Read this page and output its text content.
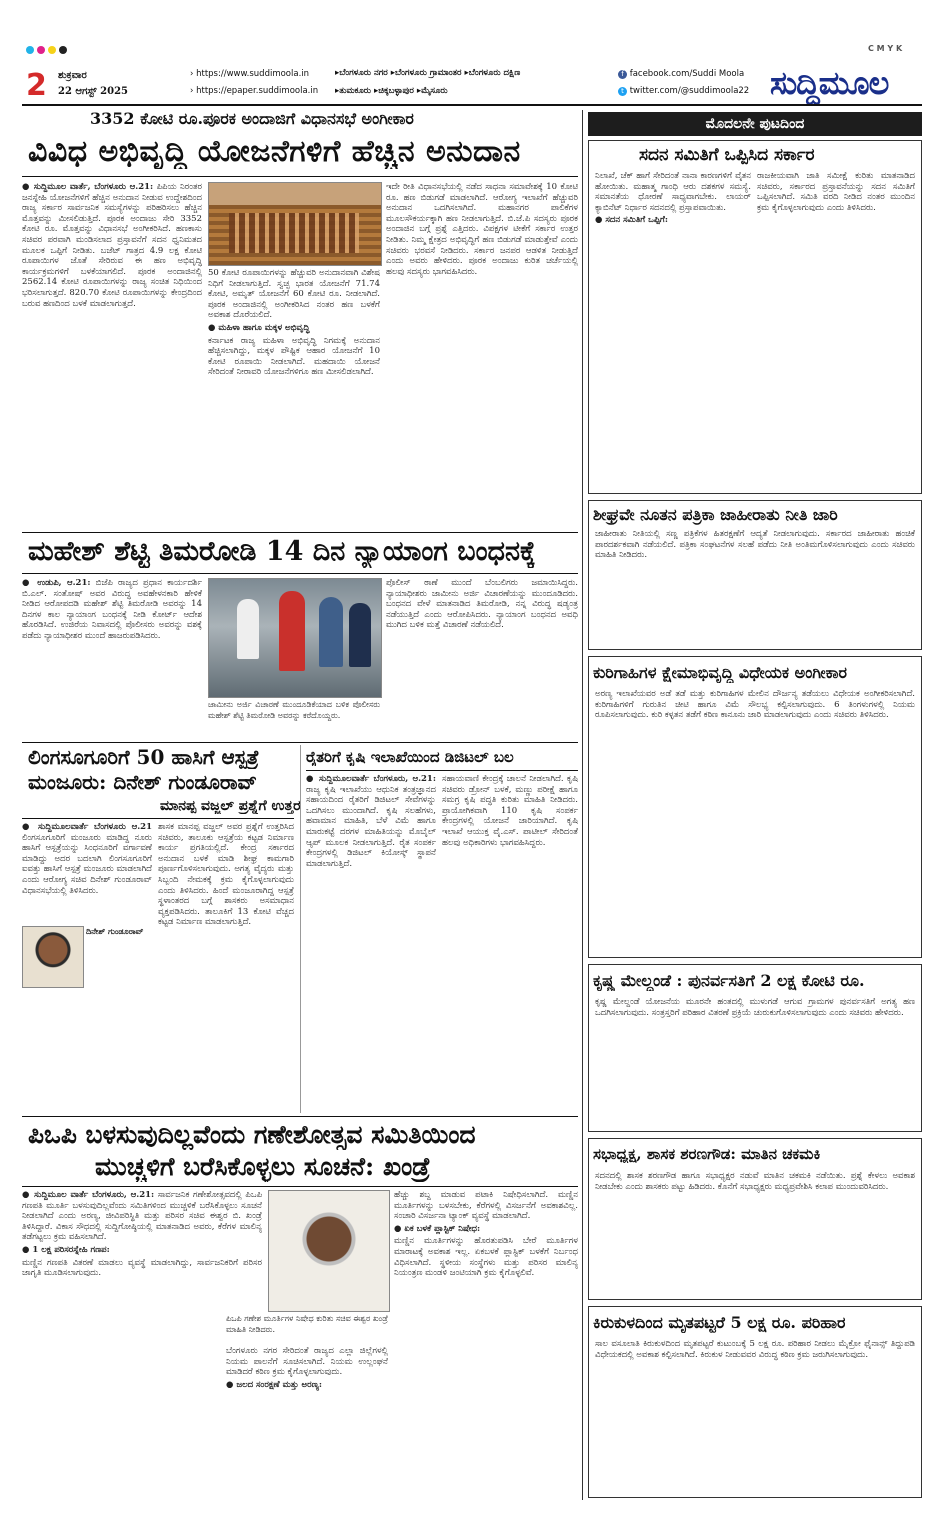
C M Y K
2 ಶುಕ್ರವಾರ
22 ಆಗಸ್ಟ್ 2025
› https://www.suddimoola.in
› https://epaper.suddimoola.in
▸ಬೆಂಗಳೂರು ನಗರ ▸ಬೆಂಗಳೂರು ಗ್ರಾಮಾಂತರ ▸ಬೆಂಗಳೂರು ದಕ್ಷಿಣ
▸ತುಮಕೂರು ▸ಚಿಕ್ಕಬಳ್ಳಾಪುರ ▸ಮೈಸೂರು
f facebook.com/Suddi Moola
t twitter.com/@suddimoola22 ಸುದ್ದಿಮೂಲ
3352 ಕೋಟಿ ರೂ.ಪೂರಕ ಅಂದಾಜಿಗೆ ವಿಧಾನಸಭೆ ಅಂಗೀಕಾರ
ವಿವಿಧ ಅಭಿವೃದ್ಧಿ ಯೋಜನೆಗಳಿಗೆ ಹೆಚ್ಚಿನ ಅನುದಾನ

● ಸುದ್ದಿಮೂಲ ವಾರ್ತೆ, ಬೆಂಗಳೂರು ಆ.21: ಪಿಪಿಯ ನಿರಂತರ ಜನಸ್ನೇಹಿ ಯೋಜನೆಗಳಿಗೆ ಹೆಚ್ಚಿನ ಅನುದಾನ ನೀಡುವ ಉದ್ದೇಶದಿಂದ ರಾಜ್ಯ ಸರ್ಕಾರ ಸಾರ್ವಜನಿಕ ಸಮಸ್ಯೆಗಳನ್ನು ಪರಿಹರಿಸಲು ಹೆಚ್ಚಿನ ಮೊತ್ತವನ್ನು ಮೀಸಲಿಡುತ್ತಿದೆ. ಪೂರಕ ಅಂದಾಜು ಸೇರಿ 3352 ಕೋಟಿ ರೂ. ಮೊತ್ತವನ್ನು ವಿಧಾನಸಭೆ ಅಂಗೀಕರಿಸಿದೆ. ಹಣಕಾಸು ಸಚಿವರ ಪರವಾಗಿ ಮಂಡಿಸಲಾದ ಪ್ರಸ್ತಾವನೆಗೆ ಸದನ ಧ್ವನಿಮತದ ಮೂಲಕ ಒಪ್ಪಿಗೆ ನೀಡಿತು. ಬಜೆಟ್ ಗಾತ್ರದ 4.9 ಲಕ್ಷ ಕೋಟಿ ರೂಪಾಯಿಗಳ ಜೊತೆ ಸೇರಿರುವ ಈ ಹಣ ಅಭಿವೃದ್ಧಿ ಕಾರ್ಯಕ್ರಮಗಳಿಗೆ ಬಳಕೆಯಾಗಲಿದೆ. ಪೂರಕ ಅಂದಾಜಿನಲ್ಲಿ 2562.14 ಕೋಟಿ ರೂಪಾಯಿಗಳನ್ನು ರಾಜ್ಯ ಸಂಚಿತ ನಿಧಿಯಿಂದ ಭರಿಸಲಾಗುತ್ತದೆ. 820.70 ಕೋಟಿ ರೂಪಾಯಿಗಳನ್ನು ಕೇಂದ್ರದಿಂದ ಬರುವ ಹಣದಿಂದ ಬಳಕೆ ಮಾಡಲಾಗುತ್ತದೆ.

50 ಕೋಟಿ ರೂಪಾಯಿಗಳನ್ನು ಹೆಚ್ಚುವರಿ ಅನುದಾನವಾಗಿ ವಿಶೇಷ ನಿಧಿಗೆ ನೀಡಲಾಗುತ್ತಿದೆ. ಸ್ವಚ್ಛ ಭಾರತ ಯೋಜನೆಗೆ 71.74 ಕೋಟಿ, ಅಮೃತ್ ಯೋಜನೆಗೆ 60 ಕೋಟಿ ರೂ. ನೀಡಲಾಗಿದೆ. ಪೂರಕ ಅಂದಾಜಿನಲ್ಲಿ ಅಂಗೀಕರಿಸಿದ ನಂತರ ಹಣ ಬಳಕೆಗೆ ಅವಕಾಶ ದೊರೆಯಲಿದೆ.

● ಮಹಿಳಾ ಹಾಗೂ ಮಕ್ಕಳ ಅಭಿವೃದ್ಧಿ

ಕರ್ನಾಟಕ ರಾಜ್ಯ ಮಹಿಳಾ ಅಭಿವೃದ್ಧಿ ನಿಗಮಕ್ಕೆ ಅನುದಾನ ಹೆಚ್ಚಿಸಲಾಗಿದ್ದು, ಮಕ್ಕಳ ಪೌಷ್ಟಿಕ ಆಹಾರ ಯೋಜನೆಗೆ 10 ಕೋಟಿ ರೂಪಾಯಿ ನೀಡಲಾಗಿದೆ. ಮಹದಾಯಿ ಯೋಜನೆ ಸೇರಿದಂತೆ ನೀರಾವರಿ ಯೋಜನೆಗಳಿಗೂ ಹಣ ಮೀಸಲಿಡಲಾಗಿದೆ.

ಇದೇ ರೀತಿ ವಿಧಾನಸಭೆಯಲ್ಲಿ ನಡೆದ ಸಾಧನಾ ಸಮಾವೇಶಕ್ಕೆ 10 ಕೋಟಿ ರೂ. ಹಣ ಬಿಡುಗಡೆ ಮಾಡಲಾಗಿದೆ. ಆರೋಗ್ಯ ಇಲಾಖೆಗೆ ಹೆಚ್ಚುವರಿ ಅನುದಾನ ಒದಗಿಸಲಾಗಿದೆ. ಮಹಾನಗರ ಪಾಲಿಕೆಗಳ ಮೂಲಸೌಕರ್ಯಕ್ಕಾಗಿ ಹಣ ನೀಡಲಾಗುತ್ತಿದೆ. ಬಿ.ಜೆ.ಪಿ ಸದಸ್ಯರು ಪೂರಕ ಅಂದಾಜಿನ ಬಗ್ಗೆ ಪ್ರಶ್ನೆ ಎತ್ತಿದರು. ವಿಪಕ್ಷಗಳ ಟೀಕೆಗೆ ಸರ್ಕಾರ ಉತ್ತರ ನೀಡಿತು. ನಿಮ್ಮ ಕ್ಷೇತ್ರದ ಅಭಿವೃದ್ಧಿಗೆ ಹಣ ಬಿಡುಗಡೆ ಮಾಡುತ್ತೇವೆ ಎಂದು ಸಚಿವರು ಭರವಸೆ ನೀಡಿದರು. ಸರ್ಕಾರ ಜನಪರ ಆಡಳಿತ ನೀಡುತ್ತಿದೆ ಎಂದು ಅವರು ಹೇಳಿದರು. ಪೂರಕ ಅಂದಾಜು ಕುರಿತ ಚರ್ಚೆಯಲ್ಲಿ ಹಲವು ಸದಸ್ಯರು ಭಾಗವಹಿಸಿದರು.

ಮಹೇಶ್ ಶೆಟ್ಟಿ ತಿಮರೋಡಿ 14 ದಿನ ನ್ಯಾಯಾಂಗ ಬಂಧನಕ್ಕೆ

● ಉಡುಪಿ, ಆ.21: ಬಿಜೆಪಿ ರಾಜ್ಯದ ಪ್ರಧಾನ ಕಾರ್ಯದರ್ಶಿ ಬಿ.ಎಲ್. ಸಂತೋಷ್ ಅವರ ವಿರುದ್ಧ ಅವಹೇಳನಕಾರಿ ಹೇಳಿಕೆ ನೀಡಿದ ಆರೋಪದಡಿ ಮಹೇಶ್ ಶೆಟ್ಟಿ ತಿಮರೋಡಿ ಅವರನ್ನು 14 ದಿನಗಳ ಕಾಲ ನ್ಯಾಯಾಂಗ ಬಂಧನಕ್ಕೆ ನೀಡಿ ಕೋರ್ಟ್ ಆದೇಶ ಹೊರಡಿಸಿದೆ. ಉಜಿರೆಯ ನಿವಾಸದಲ್ಲಿ ಪೊಲೀಸರು ಅವರನ್ನು ವಶಕ್ಕೆ ಪಡೆದು ನ್ಯಾಯಾಧೀಶರ ಮುಂದೆ ಹಾಜರುಪಡಿಸಿದರು.

ಜಾಮೀನು ಅರ್ಜಿ ವಿಚಾರಣೆ ಮುಂದೂಡಿಕೆಯಾದ ಬಳಿಕ ಪೊಲೀಸರು ಮಹೇಶ್ ಶೆಟ್ಟಿ ತಿಮರೋಡಿ ಅವರನ್ನು ಕರೆದೊಯ್ದರು.

ಪೊಲೀಸ್ ಠಾಣೆ ಮುಂದೆ ಬೆಂಬಲಿಗರು ಜಮಾಯಿಸಿದ್ದರು. ನ್ಯಾಯಾಧೀಶರು ಜಾಮೀನು ಅರ್ಜಿ ವಿಚಾರಣೆಯನ್ನು ಮುಂದೂಡಿದರು. ಬಂಧನದ ವೇಳೆ ಮಾತನಾಡಿದ ತಿಮರೋಡಿ, ನನ್ನ ವಿರುದ್ಧ ಷಡ್ಯಂತ್ರ ನಡೆಯುತ್ತಿದೆ ಎಂದು ಆರೋಪಿಸಿದರು. ನ್ಯಾಯಾಂಗ ಬಂಧನದ ಅವಧಿ ಮುಗಿದ ಬಳಿಕ ಮತ್ತೆ ವಿಚಾರಣೆ ನಡೆಯಲಿದೆ.

ಲಿಂಗಸೂಗೂರಿಗೆ 50 ಹಾಸಿಗೆ ಆಸ್ಪತ್ರೆ
ಮಂಜೂರು: ದಿನೇಶ್ ಗುಂಡೂರಾವ್
ಮಾನಪ್ಪ ವಜ್ಜಲ್ ಪ್ರಶ್ನೆಗೆ ಉತ್ತರ

● ಸುದ್ದಿಮೂಲವಾರ್ತೆ ಬೆಂಗಳೂರು ಆ.21 ಲಿಂಗಸೂಗೂರಿಗೆ ಮಂಜೂರು ಮಾಡಿದ್ದ ನೂರು ಹಾಸಿಗೆ ಆಸ್ಪತ್ರೆಯನ್ನು ಸಿಂಧನೂರಿಗೆ ವರ್ಗಾವಣೆ ಮಾಡಿದ್ದು ಅದರ ಬದಲಾಗಿ ಲಿಂಗಸೂಗೂರಿಗೆ ಐವತ್ತು ಹಾಸಿಗೆ ಆಸ್ಪತ್ರೆ ಮಂಜೂರು ಮಾಡಲಾಗಿದೆ ಎಂದು ಆರೋಗ್ಯ ಸಚಿವ ದಿನೇಶ್ ಗುಂಡೂರಾವ್ ವಿಧಾನಸಭೆಯಲ್ಲಿ ತಿಳಿಸಿದರು.

ದಿನೇಶ್ ಗುಂಡೂರಾವ್

ಶಾಸಕ ಮಾನಪ್ಪ ವಜ್ಜಲ್ ಅವರ ಪ್ರಶ್ನೆಗೆ ಉತ್ತರಿಸಿದ ಸಚಿವರು, ತಾಲೂಕು ಆಸ್ಪತ್ರೆಯ ಕಟ್ಟಡ ನಿರ್ಮಾಣ ಕಾರ್ಯ ಪ್ರಗತಿಯಲ್ಲಿದೆ. ಕೇಂದ್ರ ಸರ್ಕಾರದ ಅನುದಾನ ಬಳಕೆ ಮಾಡಿ ಶೀಘ್ರ ಕಾಮಗಾರಿ ಪೂರ್ಣಗೊಳಿಸಲಾಗುವುದು. ಅಗತ್ಯ ವೈದ್ಯರು ಮತ್ತು ಸಿಬ್ಬಂದಿ ನೇಮಕಕ್ಕೆ ಕ್ರಮ ಕೈಗೊಳ್ಳಲಾಗುವುದು ಎಂದು ತಿಳಿಸಿದರು. ಹಿಂದೆ ಮಂಜೂರಾಗಿದ್ದ ಆಸ್ಪತ್ರೆ ಸ್ಥಳಾಂತರದ ಬಗ್ಗೆ ಶಾಸಕರು ಅಸಮಾಧಾನ ವ್ಯಕ್ತಪಡಿಸಿದರು. ತಾಲೂಕಿಗೆ 13 ಕೋಟಿ ವೆಚ್ಚದ ಕಟ್ಟಡ ನಿರ್ಮಾಣ ಮಾಡಲಾಗುತ್ತಿದೆ.

ರೈತರಿಗೆ ಕೃಷಿ ಇಲಾಖೆಯಿಂದ ಡಿಜಿಟಲ್ ಬಲ

● ಸುದ್ದಿಮೂಲವಾರ್ತೆ ಬೆಂಗಳೂರು, ಆ.21: ರಾಜ್ಯ ಕೃಷಿ ಇಲಾಖೆಯು ಆಧುನಿಕ ತಂತ್ರಜ್ಞಾನದ ಸಹಾಯದಿಂದ ರೈತರಿಗೆ ಡಿಜಿಟಲ್ ಸೇವೆಗಳನ್ನು ಒದಗಿಸಲು ಮುಂದಾಗಿದೆ. ಕೃಷಿ ಸಲಹೆಗಳು, ಹವಾಮಾನ ಮಾಹಿತಿ, ಬೆಳೆ ವಿಮೆ ಹಾಗೂ ಮಾರುಕಟ್ಟೆ ದರಗಳ ಮಾಹಿತಿಯನ್ನು ಮೊಬೈಲ್ ಆ್ಯಪ್ ಮೂಲಕ ನೀಡಲಾಗುತ್ತಿದೆ. ರೈತ ಸಂಪರ್ಕ ಕೇಂದ್ರಗಳಲ್ಲಿ ಡಿಜಿಟಲ್ ಕಿಯೋಸ್ಕ್ ಸ್ಥಾಪನೆ ಮಾಡಲಾಗುತ್ತಿದೆ.

ಸಹಾಯವಾಣಿ ಕೇಂದ್ರಕ್ಕೆ ಚಾಲನೆ ನೀಡಲಾಗಿದೆ. ಕೃಷಿ ಸಚಿವರು ಡ್ರೋನ್ ಬಳಕೆ, ಮಣ್ಣು ಪರೀಕ್ಷೆ ಹಾಗೂ ಸಮಗ್ರ ಕೃಷಿ ಪದ್ಧತಿ ಕುರಿತು ಮಾಹಿತಿ ನೀಡಿದರು. ಪ್ರಾಯೋಗಿಕವಾಗಿ 110 ಕೃಷಿ ಸಂಪರ್ಕ ಕೇಂದ್ರಗಳಲ್ಲಿ ಯೋಜನೆ ಜಾರಿಯಾಗಿದೆ. ಕೃಷಿ ಇಲಾಖೆ ಆಯುಕ್ತ ವೈ.ಎಸ್. ಪಾಟೀಲ್ ಸೇರಿದಂತೆ ಹಲವು ಅಧಿಕಾರಿಗಳು ಭಾಗವಹಿಸಿದ್ದರು.

ಪಿಒಪಿ ಬಳಸುವುದಿಲ್ಲವೆಂದು ಗಣೇಶೋತ್ಸವ ಸಮಿತಿಯಿಂದ
ಮುಚ್ಚಳಿಗೆ ಬರೆಸಿಕೊಳ್ಳಲು ಸೂಚನೆ: ಖಂಡ್ರೆ

● ಸುದ್ದಿಮೂಲ ವಾರ್ತೆ ಬೆಂಗಳೂರು, ಆ.21: ಸಾರ್ವಜನಿಕ ಗಣೇಶೋತ್ಸವದಲ್ಲಿ ಪಿಒಪಿ ಗಣಪತಿ ಮೂರ್ತಿ ಬಳಸುವುದಿಲ್ಲವೆಂದು ಸಮಿತಿಗಳಿಂದ ಮುಚ್ಚಳಿಕೆ ಬರೆಸಿಕೊಳ್ಳಲು ಸೂಚನೆ ನೀಡಲಾಗಿದೆ ಎಂದು ಅರಣ್ಯ, ಜೀವಿಪರಿಸ್ಥಿತಿ ಮತ್ತು ಪರಿಸರ ಸಚಿವ ಈಶ್ವರ ಬಿ. ಖಂಡ್ರೆ ತಿಳಿಸಿದ್ದಾರೆ. ವಿಕಾಸ ಸೌಧದಲ್ಲಿ ಸುದ್ದಿಗೋಷ್ಠಿಯಲ್ಲಿ ಮಾತನಾಡಿದ ಅವರು, ಕೆರೆಗಳ ಮಾಲಿನ್ಯ ತಡೆಗಟ್ಟಲು ಕ್ರಮ ವಹಿಸಲಾಗಿದೆ.

● 1 ಲಕ್ಷ ಪರಿಸರಸ್ನೇಹಿ ಗಣಪ:

ಮಣ್ಣಿನ ಗಣಪತಿ ವಿತರಣೆ ಮಾಡಲು ವ್ಯವಸ್ಥೆ ಮಾಡಲಾಗಿದ್ದು, ಸಾರ್ವಜನಿಕರಿಗೆ ಪರಿಸರ ಜಾಗೃತಿ ಮೂಡಿಸಲಾಗುವುದು.

ಪಿಒಪಿ ಗಣೇಶ ಮೂರ್ತಿಗಳ ನಿಷೇಧ ಕುರಿತು ಸಚಿವ ಈಶ್ವರ ಖಂಡ್ರೆ ಮಾಹಿತಿ ನೀಡಿದರು.

ಬೆಂಗಳೂರು ನಗರ ಸೇರಿದಂತೆ ರಾಜ್ಯದ ಎಲ್ಲಾ ಜಿಲ್ಲೆಗಳಲ್ಲಿ ನಿಯಮ ಪಾಲನೆಗೆ ಸೂಚಿಸಲಾಗಿದೆ. ನಿಯಮ ಉಲ್ಲಂಘನೆ ಮಾಡಿದರೆ ಕಠಿಣ ಕ್ರಮ ಕೈಗೊಳ್ಳಲಾಗುವುದು.

● ಜಲದ ಸಂರಕ್ಷಣೆ ಮತ್ತು ಅರಣ್ಯ:

ಹೆಚ್ಚು ಶಬ್ದ ಮಾಡುವ ಪಟಾಕಿ ನಿಷೇಧಿಸಲಾಗಿದೆ. ಮಣ್ಣಿನ ಮೂರ್ತಿಗಳನ್ನು ಬಳಸಬೇಕು, ಕೆರೆಗಳಲ್ಲಿ ವಿಸರ್ಜನೆಗೆ ಅವಕಾಶವಿಲ್ಲ. ಸಂಚಾರಿ ವಿಸರ್ಜನಾ ಟ್ಯಾಂಕ್ ವ್ಯವಸ್ಥೆ ಮಾಡಲಾಗಿದೆ.

● ಏಕ ಬಳಕೆ ಪ್ಲಾಸ್ಟಿಕ್ ನಿಷೇಧ:

ಮಣ್ಣಿನ ಮೂರ್ತಿಗಳನ್ನು ಹೊರತುಪಡಿಸಿ ಬೇರೆ ಮೂರ್ತಿಗಳ ಮಾರಾಟಕ್ಕೆ ಅವಕಾಶ ಇಲ್ಲ. ಏಕಬಳಕೆ ಪ್ಲಾಸ್ಟಿಕ್ ಬಳಕೆಗೆ ನಿರ್ಬಂಧ ವಿಧಿಸಲಾಗಿದೆ. ಸ್ಥಳೀಯ ಸಂಸ್ಥೆಗಳು ಮತ್ತು ಪರಿಸರ ಮಾಲಿನ್ಯ ನಿಯಂತ್ರಣ ಮಂಡಳಿ ಜಂಟಿಯಾಗಿ ಕ್ರಮ ಕೈಗೊಳ್ಳಲಿವೆ.

ಮೊದಲನೇ ಪುಟದಿಂದ
ಸದನ ಸಮಿತಿಗೆ ಒಪ್ಪಿಸಿದ ಸರ್ಕಾರ

ನಿಲಾಖೆ, ಚೆಕ್ ಹಾಗೆ ಸೇರಿದಂತೆ ನಾನಾ ಕಾರಣಗಳಿಗೆ ವೈತನ ಹೋಯಿತು. ಮಹಾತ್ಮ ಗಾಂಧಿ ಆರು ದಶಕಗಳ ಸಮಸ್ಯೆ. ಸಮಾನತೆಯ ಧೋರಣೆ ಸಾಧ್ಯವಾಗಬೇಕು. ಲಾಯರ್ ಕ್ಯಾಬಿನೆಟ್ ನಿರ್ಧಾರ ಸದನದಲ್ಲಿ ಪ್ರಸ್ತಾಪವಾಯಿತು.

● ಸದನ ಸಮಿತಿಗೆ ಒಪ್ಪಿಗೆ:

ರಾಜಕೀಯವಾಗಿ ಜಾತಿ ಸಮೀಕ್ಷೆ ಕುರಿತು ಮಾತನಾಡಿದ ಸಚಿವರು, ಸರ್ಕಾರದ ಪ್ರಸ್ತಾವನೆಯನ್ನು ಸದನ ಸಮಿತಿಗೆ ಒಪ್ಪಿಸಲಾಗಿದೆ. ಸಮಿತಿ ವರದಿ ನೀಡಿದ ನಂತರ ಮುಂದಿನ ಕ್ರಮ ಕೈಗೊಳ್ಳಲಾಗುವುದು ಎಂದು ತಿಳಿಸಿದರು.

ಶೀಘ್ರವೇ ನೂತನ ಪತ್ರಿಕಾ ಜಾಹೀರಾತು ನೀತಿ ಜಾರಿ
ಜಾಹೀರಾತು ನೀತಿಯಲ್ಲಿ ಸಣ್ಣ ಪತ್ರಿಕೆಗಳ ಹಿತರಕ್ಷಣೆಗೆ ಆದ್ಯತೆ ನೀಡಲಾಗುವುದು. ಸರ್ಕಾರದ ಜಾಹೀರಾತು ಹಂಚಿಕೆ ಪಾರದರ್ಶಕವಾಗಿ ನಡೆಯಲಿದೆ. ಪತ್ರಿಕಾ ಸಂಘಟನೆಗಳ ಸಲಹೆ ಪಡೆದು ನೀತಿ ಅಂತಿಮಗೊಳಿಸಲಾಗುವುದು ಎಂದು ಸಚಿವರು ಮಾಹಿತಿ ನೀಡಿದರು.
ಕುರಿಗಾಹಿಗಳ ಕ್ಷೇಮಾಭಿವೃದ್ಧಿ ವಿಧೇಯಕ ಅಂಗೀಕಾರ
ಅರಣ್ಯ ಇಲಾಖೆಯವರ ಅಡೆ ತಡೆ ಮತ್ತು ಕುರಿಗಾಹಿಗಳ ಮೇಲಿನ ದೌರ್ಜನ್ಯ ತಡೆಯಲು ವಿಧೇಯಕ ಅಂಗೀಕರಿಸಲಾಗಿದೆ. ಕುರಿಗಾಹಿಗಳಿಗೆ ಗುರುತಿನ ಚೀಟಿ ಹಾಗೂ ವಿಮೆ ಸೌಲಭ್ಯ ಕಲ್ಪಿಸಲಾಗುವುದು. 6 ತಿಂಗಳುಗಳಲ್ಲಿ ನಿಯಮ ರೂಪಿಸಲಾಗುವುದು. ಕುರಿ ಕಳ್ಳತನ ತಡೆಗೆ ಕಠಿಣ ಕಾನೂನು ಜಾರಿ ಮಾಡಲಾಗುವುದು ಎಂದು ಸಚಿವರು ತಿಳಿಸಿದರು.
ಕೃಷ್ಣ ಮೇಲ್ದಂಡೆ : ಪುನರ್ವಸತಿಗೆ 2 ಲಕ್ಷ ಕೋಟಿ ರೂ.
ಕೃಷ್ಣ ಮೇಲ್ದಂಡೆ ಯೋಜನೆಯ ಮೂರನೇ ಹಂತದಲ್ಲಿ ಮುಳುಗಡೆ ಆಗುವ ಗ್ರಾಮಗಳ ಪುನರ್ವಸತಿಗೆ ಅಗತ್ಯ ಹಣ ಒದಗಿಸಲಾಗುವುದು. ಸಂತ್ರಸ್ತರಿಗೆ ಪರಿಹಾರ ವಿತರಣೆ ಪ್ರಕ್ರಿಯೆ ಚುರುಕುಗೊಳಿಸಲಾಗುವುದು ಎಂದು ಸಚಿವರು ಹೇಳಿದರು.
ಸಭಾಧ್ಯಕ್ಷ, ಶಾಸಕ ಶರಣಗೌಡ: ಮಾತಿನ ಚಕಮಕಿ
ಸದನದಲ್ಲಿ ಶಾಸಕ ಶರಣಗೌಡ ಹಾಗೂ ಸಭಾಧ್ಯಕ್ಷರ ನಡುವೆ ಮಾತಿನ ಚಕಮಕಿ ನಡೆಯಿತು. ಪ್ರಶ್ನೆ ಕೇಳಲು ಅವಕಾಶ ನೀಡಬೇಕು ಎಂದು ಶಾಸಕರು ಪಟ್ಟು ಹಿಡಿದರು. ಕೊನೆಗೆ ಸಭಾಧ್ಯಕ್ಷರು ಮಧ್ಯಪ್ರವೇಶಿಸಿ ಕಲಾಪ ಮುಂದುವರಿಸಿದರು.
ಕಿರುಕುಳದಿಂದ ಮೃತಪಟ್ಟರೆ 5 ಲಕ್ಷ ರೂ. ಪರಿಹಾರ
ಸಾಲ ವಸೂಲಾತಿ ಕಿರುಕುಳದಿಂದ ಮೃತಪಟ್ಟರೆ ಕುಟುಂಬಕ್ಕೆ 5 ಲಕ್ಷ ರೂ. ಪರಿಹಾರ ನೀಡಲು ಮೈಕ್ರೋ ಫೈನಾನ್ಸ್ ತಿದ್ದುಪಡಿ ವಿಧೇಯಕದಲ್ಲಿ ಅವಕಾಶ ಕಲ್ಪಿಸಲಾಗಿದೆ. ಕಿರುಕುಳ ನೀಡುವವರ ವಿರುದ್ಧ ಕಠಿಣ ಕ್ರಮ ಜರುಗಿಸಲಾಗುವುದು.
